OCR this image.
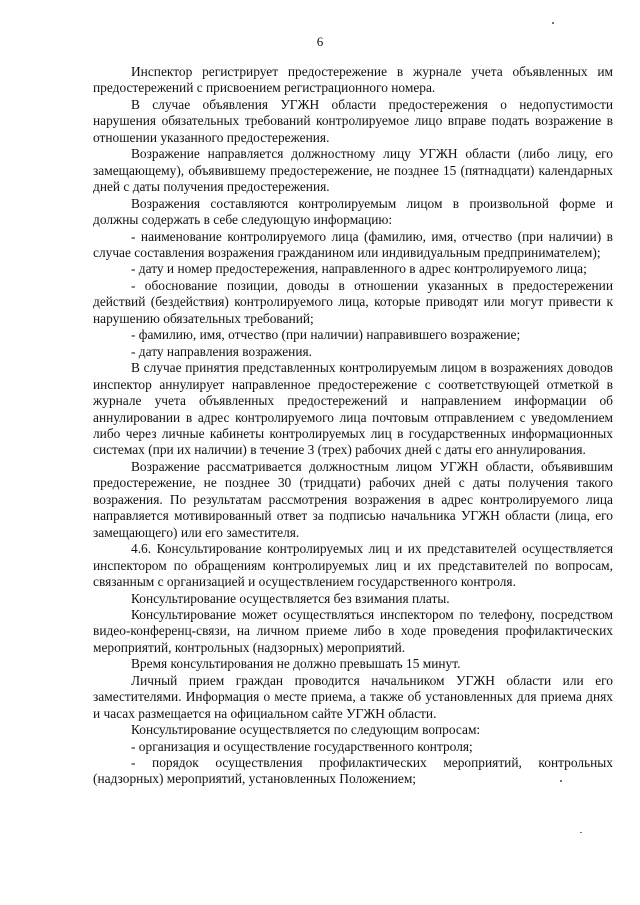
6

Инспектор регистрирует предостережение в журнале учета объявленных им предостережений с присвоением регистрационного номера.

В случае объявления УГЖН области предостережения о недопустимости нарушения обязательных требований контролируемое лицо вправе подать возражение в отношении указанного предостережения.

Возражение направляется должностному лицу УГЖН области (либо лицу, его замещающему), объявившему предостережение, не позднее 15 (пятнадцати) календарных дней с даты получения предостережения.

Возражения составляются контролируемым лицом в произвольной форме и должны содержать в себе следующую информацию:

- наименование контролируемого лица (фамилию, имя, отчество (при наличии) в случае составления возражения гражданином или индивидуальным предпринимателем);

- дату и номер предостережения, направленного в адрес контролируемого лица;

- обоснование позиции, доводы в отношении указанных в предостережении действий (бездействия) контролируемого лица, которые приводят или могут привести к нарушению обязательных требований;

- фамилию, имя, отчество (при наличии) направившего возражение;

- дату направления возражения.

В случае принятия представленных контролируемым лицом в возражениях доводов инспектор аннулирует направленное предостережение с соответствующей отметкой в журнале учета объявленных предостережений и направлением информации об аннулировании в адрес контролируемого лица почтовым отправлением с уведомлением либо через личные кабинеты контролируемых лиц в государственных информационных системах (при их наличии) в течение 3 (трех) рабочих дней с даты его аннулирования.

Возражение рассматривается должностным лицом УГЖН области, объявившим предостережение, не позднее 30 (тридцати) рабочих дней с даты получения такого возражения. По результатам рассмотрения возражения в адрес контролируемого лица направляется мотивированный ответ за подписью начальника УГЖН области (лица, его замещающего) или его заместителя.

4.6. Консультирование контролируемых лиц и их представителей осуществляется инспектором по обращениям контролируемых лиц и их представителей по вопросам, связанным с организацией и осуществлением государственного контроля.

Консультирование осуществляется без взимания платы.

Консультирование может осуществляться инспектором по телефону, посредством видео-конференц-связи, на личном приеме либо в ходе проведения профилактических мероприятий, контрольных (надзорных) мероприятий.

Время консультирования не должно превышать 15 минут.

Личный прием граждан проводится начальником УГЖН области или его заместителями. Информация о месте приема, а также об установленных для приема днях и часах размещается на официальном сайте УГЖН области.

Консультирование осуществляется по следующим вопросам:

- организация и осуществление государственного контроля;

- порядок осуществления профилактических мероприятий, контрольных (надзорных) мероприятий, установленных Положением;
